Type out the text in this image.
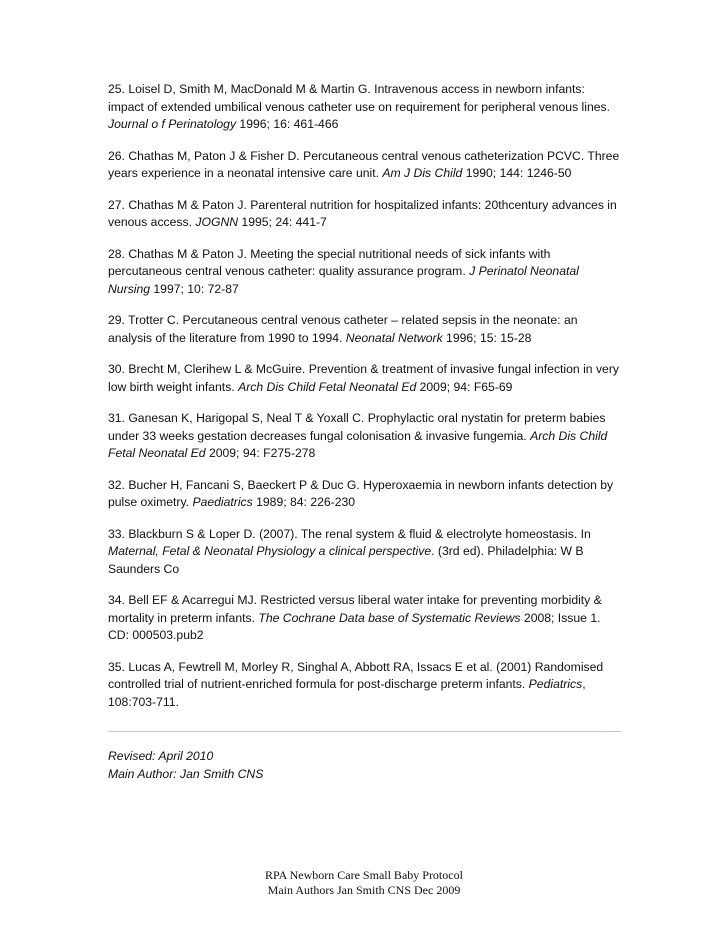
25. Loisel D, Smith M, MacDonald M & Martin G. Intravenous access in newborn infants: impact of extended umbilical venous catheter use on requirement for peripheral venous lines. Journal o f Perinatology 1996; 16: 461-466

26. Chathas M, Paton J & Fisher D. Percutaneous central venous catheterization PCVC. Three years experience in a neonatal intensive care unit. Am J Dis Child 1990; 144: 1246-50

27. Chathas M & Paton J. Parenteral nutrition for hospitalized infants: 20thcentury advances in venous access. JOGNN 1995; 24: 441-7

28. Chathas M & Paton J. Meeting the special nutritional needs of sick infants with percutaneous central venous catheter: quality assurance program. J Perinatol Neonatal Nursing 1997; 10: 72-87

29. Trotter C. Percutaneous central venous catheter – related sepsis in the neonate: an analysis of the literature from 1990 to 1994. Neonatal Network 1996; 15: 15-28

30. Brecht M, Clerihew L & McGuire. Prevention & treatment of invasive fungal infection in very low birth weight infants. Arch Dis Child Fetal Neonatal Ed 2009; 94: F65-69

31. Ganesan K, Harigopal S, Neal T & Yoxall C. Prophylactic oral nystatin for preterm babies under 33 weeks gestation decreases fungal colonisation & invasive fungemia. Arch Dis Child Fetal Neonatal Ed 2009; 94: F275-278

32. Bucher H, Fancani S, Baeckert P & Duc G. Hyperoxaemia in newborn infants detection by pulse oximetry. Paediatrics 1989; 84: 226-230

33. Blackburn S & Loper D. (2007). The renal system & fluid & electrolyte homeostasis. In Maternal, Fetal & Neonatal Physiology a clinical perspective. (3rd ed). Philadelphia: W B Saunders Co

34. Bell EF & Acarregui MJ. Restricted versus liberal water intake for preventing morbidity & mortality in preterm infants. The Cochrane Data base of Systematic Reviews 2008; Issue 1. CD: 000503.pub2

35. Lucas A, Fewtrell M, Morley R, Singhal A, Abbott RA, Issacs E et al. (2001) Randomised controlled trial of nutrient-enriched formula for post-discharge preterm infants. Pediatrics, 108:703-711.

Revised: April 2010
Main Author: Jan Smith CNS
RPA Newborn Care Small Baby Protocol
Main Authors Jan Smith CNS Dec 2009
